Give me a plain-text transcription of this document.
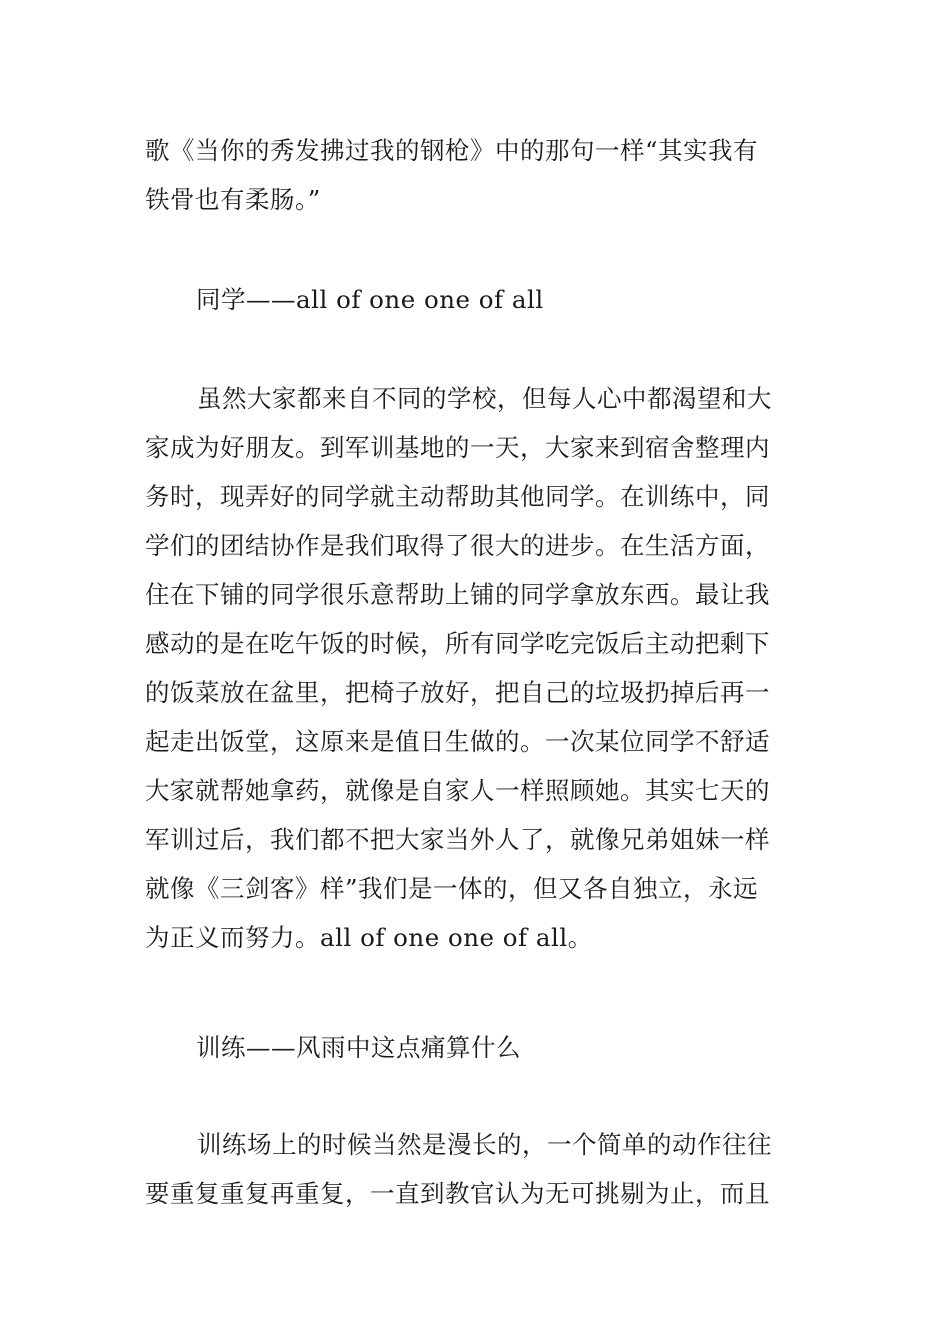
歌《当你的秀发拂过我的钢枪》中的那句一样“其实我有
铁骨也有柔肠。”
同学——all of one one of all
虽然大家都来自不同的学校，但每人心中都渴望和大
家成为好朋友。到军训基地的一天，大家来到宿舍整理内
务时，现弄好的同学就主动帮助其他同学。在训练中，同
学们的团结协作是我们取得了很大的进步。在生活方面，
住在下铺的同学很乐意帮助上铺的同学拿放东西。最让我
感动的是在吃午饭的时候，所有同学吃完饭后主动把剩下
的饭菜放在盆里，把椅子放好，把自己的垃圾扔掉后再一
起走出饭堂，这原来是值日生做的。一次某位同学不舒适
大家就帮她拿药，就像是自家人一样照顾她。其实七天的
军训过后，我们都不把大家当外人了，就像兄弟姐妹一样
就像《三剑客》样”我们是一体的，但又各自独立，永远
为正义而努力。all of one one of all。
训练——风雨中这点痛算什么
训练场上的时候当然是漫长的，一个简单的动作往往
要重复重复再重复，一直到教官认为无可挑剔为止，而且
